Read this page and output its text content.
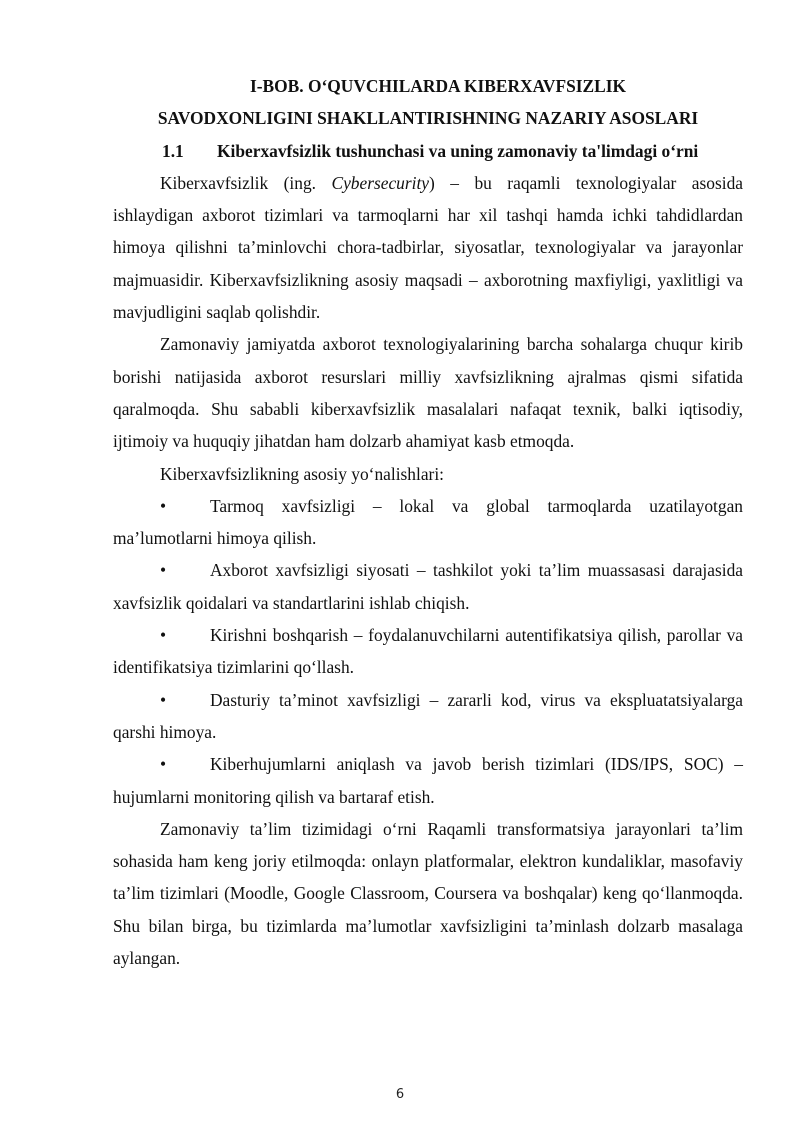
I-BOB. O‘QUVCHILARDA KIBERXAVFSIZLIK

SAVODXONLIGINI SHAKLLANTIRISHNING NAZARIY ASOSLARI

1.1 Kiberxavfsizlik tushunchasi va uning zamonaviy ta'limdagi o‘rni

Kiberxavfsizlik (ing. Cybersecurity) – bu raqamli texnologiyalar asosida ishlaydigan axborot tizimlari va tarmoqlarni har xil tashqi hamda ichki tahdidlardan himoya qilishni ta’minlovchi chora-tadbirlar, siyosatlar, texnologiyalar va jarayonlar majmuasidir. Kiberxavfsizlikning asosiy maqsadi – axborotning maxfiyligi, yaxlitligi va mavjudligini saqlab qolishdir.

Zamonaviy jamiyatda axborot texnologiyalarining barcha sohalarga chuqur kirib borishi natijasida axborot resurslari milliy xavfsizlikning ajralmas qismi sifatida qaralmoqda. Shu sababli kiberxavfsizlik masalalari nafaqat texnik, balki iqtisodiy, ijtimoiy va huquqiy jihatdan ham dolzarb ahamiyat kasb etmoqda.

Kiberxavfsizlikning asosiy yo‘nalishlari:

•	Tarmoq xavfsizligi – lokal va global tarmoqlarda uzatilayotgan ma’lumotlarni himoya qilish.

•	Axborot xavfsizligi siyosati – tashkilot yoki ta’lim muassasasi darajasida xavfsizlik qoidalari va standartlarini ishlab chiqish.

•	Kirishni boshqarish – foydalanuvchilarni autentifikatsiya qilish, parollar va identifikatsiya tizimlarini qo‘llash.

•	Dasturiy ta’minot xavfsizligi – zararli kod, virus va ekspluatatsiyalarga qarshi himoya.

•	Kiberhujumlarni aniqlash va javob berish tizimlari (IDS/IPS, SOC) – hujumlarni monitoring qilish va bartaraf etish.

Zamonaviy ta’lim tizimidagi o‘rni Raqamli transformatsiya jarayonlari ta’lim sohasida ham keng joriy etilmoqda: onlayn platformalar, elektron kundaliklar, masofaviy ta’lim tizimlari (Moodle, Google Classroom, Coursera va boshqalar) keng qo‘llanmoqda. Shu bilan birga, bu tizimlarda ma’lumotlar xavfsizligini ta’minlash dolzarb masalaga aylangan.

6
